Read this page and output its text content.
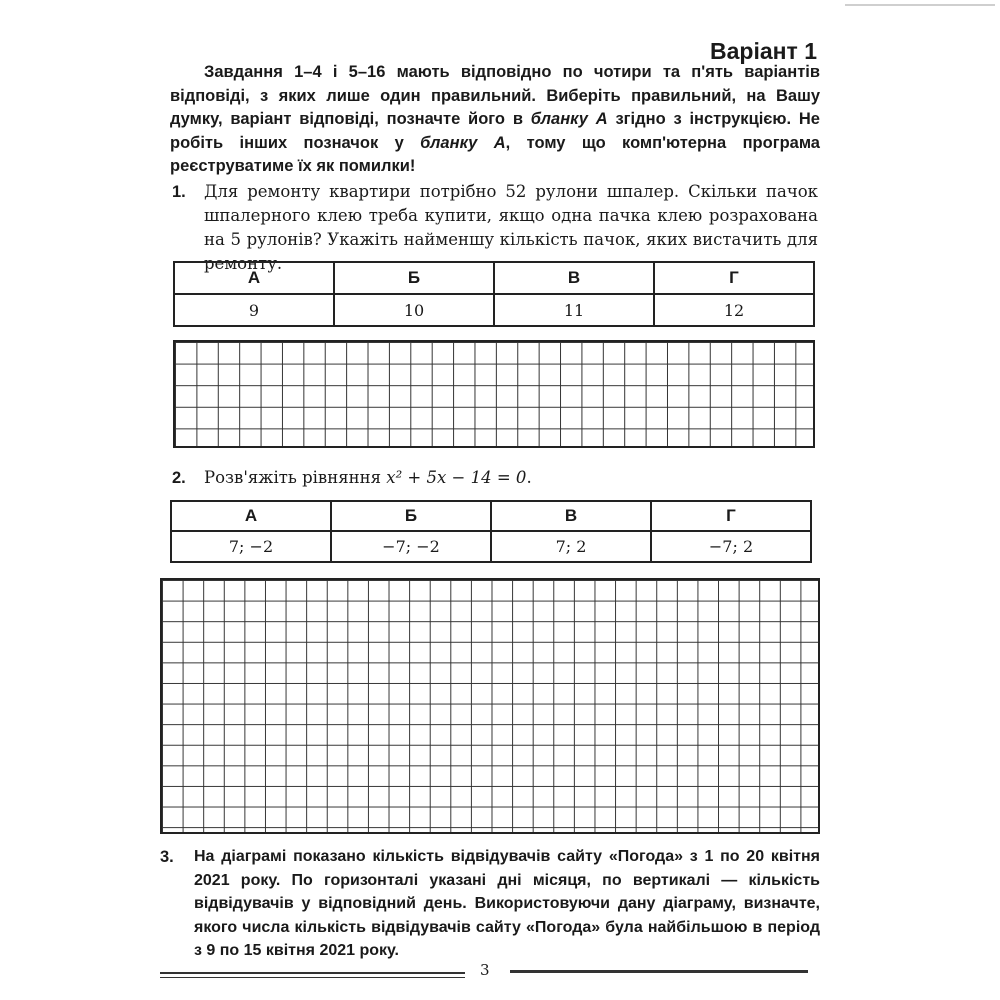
Варіант 1

Завдання 1–4 і 5–16 мають відповідно по чотири та п'ять варіантів відповіді, з яких лише один правильний. Виберіть правильний, на Вашу думку, варіант відповіді, позначте його в бланку А згідно з інструкцією. Не робіть інших позначок у бланку А, тому що комп'ютерна програма реєструватиме їх як помилки!

1. Для ремонту квартири потрібно 52 рулони шпалер. Скільки пачок шпалерного клею треба купити, якщо одна пачка клею розрахована на 5 рулонів? Укажіть найменшу кількість пачок, яких вистачить для ремонту.
А	Б	В	Г
9	10	11	12
2. Розв'яжіть рівняння x² + 5x − 14 = 0.
А	Б	В	Г
7; −2	−7; −2	7; 2	−7; 2
3. На діаграмі показано кількість відвідувачів сайту «Погода» з 1 по 20 квітня 2021 року. По горизонталі указані дні місяця, по вертикалі — кількість відвідувачів у відповідний день. Використовуючи дану діаграму, визначте, якого числа кількість відвідувачів сайту «Погода» була найбільшою в період з 9 по 15 квітня 2021 року.
3
